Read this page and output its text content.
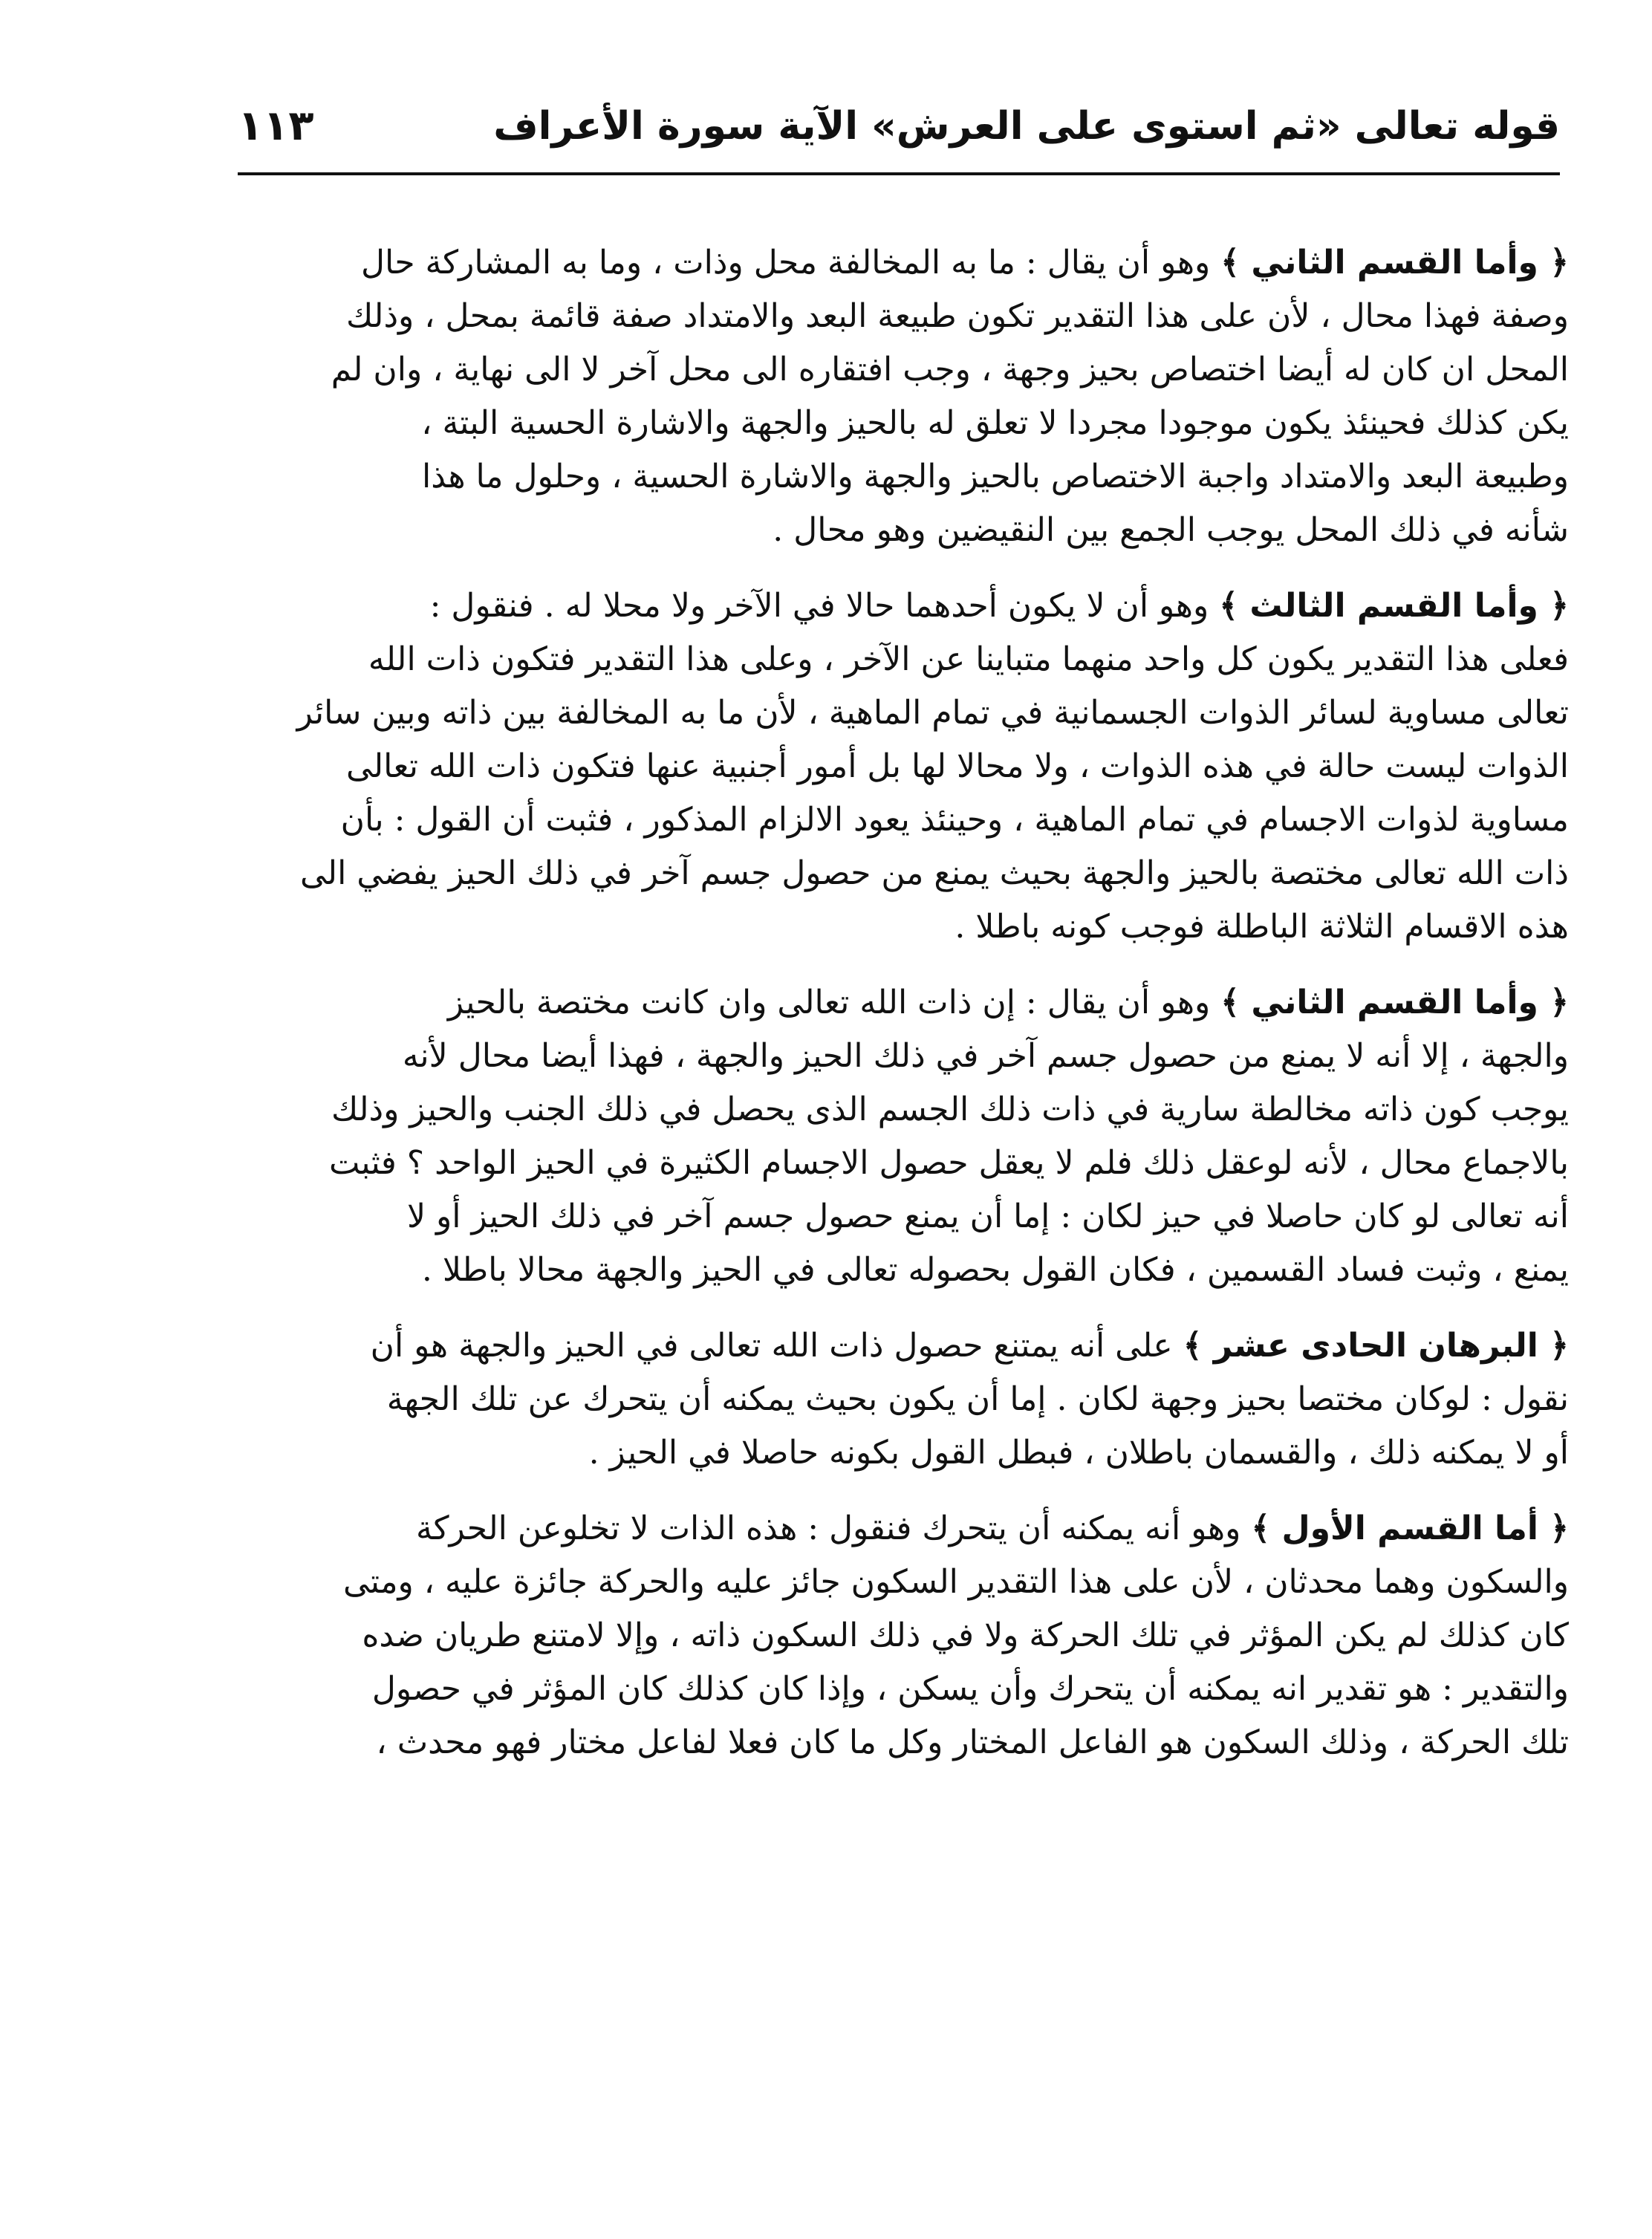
قوله تعالى «ثم استوى على العرش» الآية سورة الأعراف
١١٣

﴿ وأما القسم الثاني ﴾ وهو أن يقال : ما به المخالفة محل وذات ، وما به المشاركة حال
وصفة فهذا محال ، لأن على هذا التقدير تكون طبيعة البعد والامتداد صفة قائمة بمحل ، وذلك
المحل ان كان له أيضا اختصاص بحيز وجهة ، وجب افتقاره الى محل آخر لا الى نهاية ، وان لم
يكن كذلك فحينئذ يكون موجودا مجردا لا تعلق له بالحيز والجهة والاشارة الحسية البتة ،
وطبيعة البعد والامتداد واجبة الاختصاص بالحيز والجهة والاشارة الحسية ، وحلول ما هذا
شأنه في ذلك المحل يوجب الجمع بين النقيضين وهو محال .

﴿ وأما القسم الثالث ﴾ وهو أن لا يكون أحدهما حالا في الآخر ولا محلا له . فنقول :
فعلى هذا التقدير يكون كل واحد منهما متباينا عن الآخر ، وعلى هذا التقدير فتكون ذات الله
تعالى مساوية لسائر الذوات الجسمانية في تمام الماهية ، لأن ما به المخالفة بين ذاته وبين سائر
الذوات ليست حالة في هذه الذوات ، ولا محالا لها بل أمور أجنبية عنها فتكون ذات الله تعالى
مساوية لذوات الاجسام في تمام الماهية ، وحينئذ يعود الالزام المذكور ، فثبت أن القول : بأن
ذات الله تعالى مختصة بالحيز والجهة بحيث يمنع من حصول جسم آخر في ذلك الحيز يفضي الى
هذه الاقسام الثلاثة الباطلة فوجب كونه باطلا .

﴿ وأما القسم الثاني ﴾ وهو أن يقال : إن ذات الله تعالى وان كانت مختصة بالحيز
والجهة ، إلا أنه لا يمنع من حصول جسم آخر في ذلك الحيز والجهة ، فهذا أيضا محال لأنه
يوجب كون ذاته مخالطة سارية في ذات ذلك الجسم الذى يحصل في ذلك الجنب والحيز وذلك
بالاجماع محال ، لأنه لوعقل ذلك فلم لا يعقل حصول الاجسام الكثيرة في الحيز الواحد ؟ فثبت
أنه تعالى لو كان حاصلا في حيز لكان : إما أن يمنع حصول جسم آخر في ذلك الحيز أو لا
يمنع ، وثبت فساد القسمين ، فكان القول بحصوله تعالى في الحيز والجهة محالا باطلا .

﴿ البرهان الحادى عشر ﴾ على أنه يمتنع حصول ذات الله تعالى في الحيز والجهة هو أن
نقول : لوكان مختصا بحيز وجهة لكان . إما أن يكون بحيث يمكنه أن يتحرك عن تلك الجهة
أو لا يمكنه ذلك ، والقسمان باطلان ، فبطل القول بكونه حاصلا في الحيز .

﴿ أما القسم الأول ﴾ وهو أنه يمكنه أن يتحرك فنقول : هذه الذات لا تخلوعن الحركة
والسكون وهما محدثان ، لأن على هذا التقدير السكون جائز عليه والحركة جائزة عليه ، ومتى
كان كذلك لم يكن المؤثر في تلك الحركة ولا في ذلك السكون ذاته ، وإلا لامتنع طريان ضده
والتقدير : هو تقدير انه يمكنه أن يتحرك وأن يسكن ، وإذا كان كذلك كان المؤثر في حصول
تلك الحركة ، وذلك السكون هو الفاعل المختار وكل ما كان فعلا لفاعل مختار فهو محدث ،
